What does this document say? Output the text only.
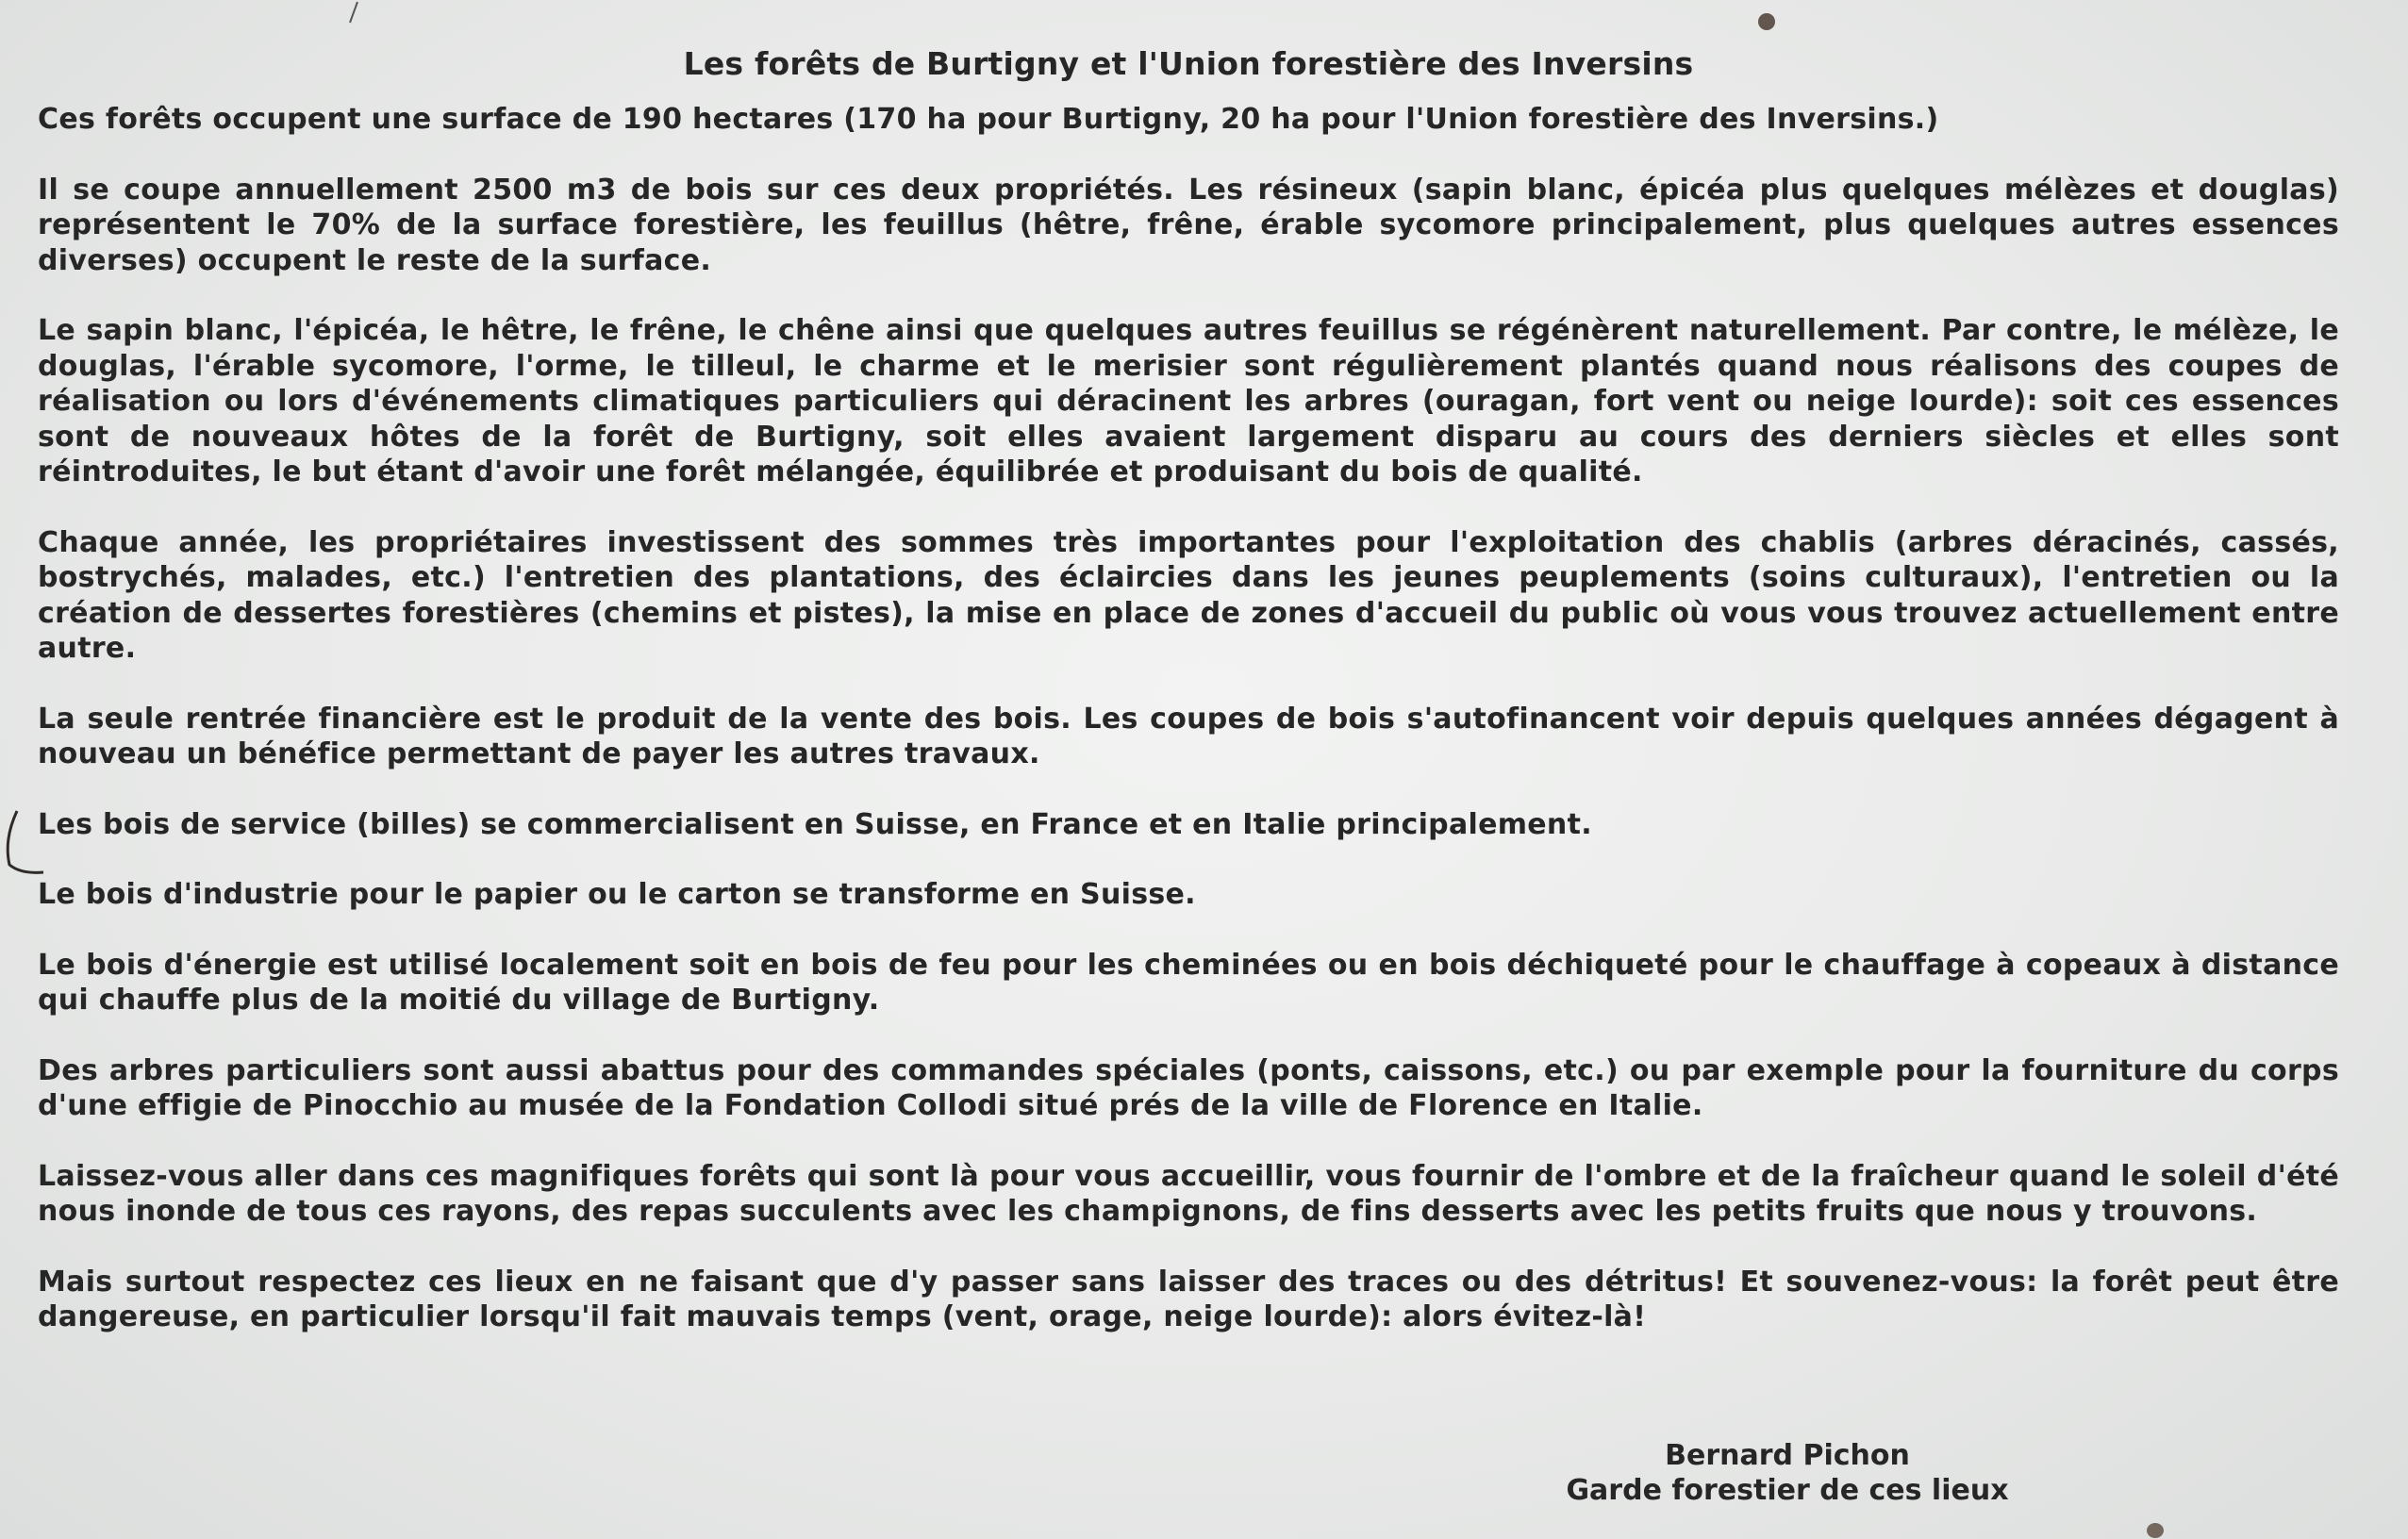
Les forêts de Burtigny et l'Union forestière des Inversins
Ces forêts occupent une surface de 190 hectares (170 ha pour Burtigny, 20 ha pour l'Union forestière des Inversins.)
Il se coupe annuellement 2500 m3 de bois sur ces deux propriétés. Les résineux (sapin blanc, épicéa plus quelques mélèzes et douglas) représentent le 70% de la surface forestière, les feuillus (hêtre, frêne, érable sycomore principalement, plus quelques autres essences diverses) occupent le reste de la surface.
Le sapin blanc, l'épicéa, le hêtre, le frêne, le chêne ainsi que quelques autres feuillus se régénèrent naturellement. Par contre, le mélèze, le douglas, l'érable sycomore, l'orme, le tilleul, le charme et le merisier sont régulièrement plantés quand nous réalisons des coupes de réalisation ou lors d'événements climatiques particuliers qui déracinent les arbres (ouragan, fort vent ou neige lourde): soit ces essences sont de nouveaux hôtes de la forêt de Burtigny, soit elles avaient largement disparu au cours des derniers siècles et elles sont réintroduites, le but étant d'avoir une forêt mélangée, équilibrée et produisant du bois de qualité.
Chaque année, les propriétaires investissent des sommes très importantes pour l'exploitation des chablis (arbres déracinés, cassés, bostrychés, malades, etc.) l'entretien des plantations, des éclaircies dans les jeunes peuplements (soins culturaux), l'entretien ou la création de dessertes forestières (chemins et pistes), la mise en place de zones d'accueil du public où vous vous trouvez actuellement entre autre.
La seule rentrée financière est le produit de la vente des bois. Les coupes de bois s'autofinancent voir depuis quelques années dégagent à nouveau un bénéfice permettant de payer les autres travaux.
Les bois de service (billes) se commercialisent en Suisse, en France et en Italie principalement.
Le bois d'industrie pour le papier ou le carton se transforme en Suisse.
Le bois d'énergie est utilisé localement soit en bois de feu pour les cheminées ou en bois déchiqueté pour le chauffage à copeaux à distance qui chauffe plus de la moitié du village de Burtigny.
Des arbres particuliers sont aussi abattus pour des commandes spéciales (ponts, caissons, etc.) ou par exemple pour la fourniture du corps d'une effigie de Pinocchio au musée de la Fondation Collodi situé prés de la ville de Florence en Italie.
Laissez-vous aller dans ces magnifiques forêts qui sont là pour vous accueillir, vous fournir de l'ombre et de la fraîcheur quand le soleil d'été nous inonde de tous ces rayons, des repas succulents avec les champignons, de fins desserts avec les petits fruits que nous y trouvons.
Mais surtout respectez ces lieux en ne faisant que d'y passer sans laisser des traces ou des détritus! Et souvenez-vous: la forêt peut être dangereuse, en particulier lorsqu'il fait mauvais temps (vent, orage, neige lourde): alors évitez-là!
Bernard Pichon
Garde forestier de ces lieux
